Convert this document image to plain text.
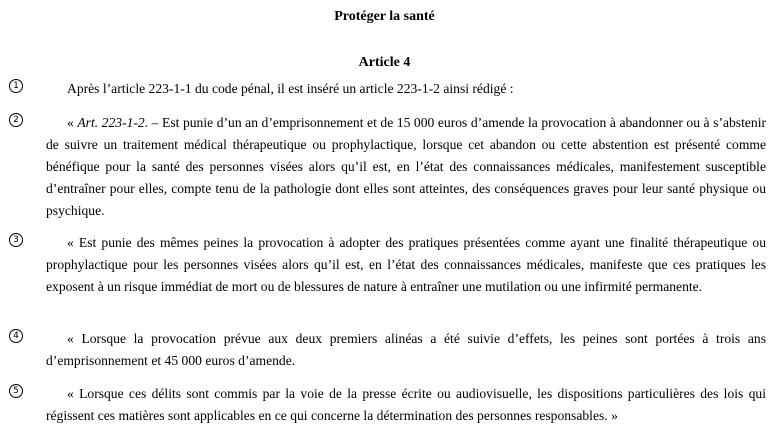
Protéger la santé
Article 4
1	Après l’article 223-1-1 du code pénal, il est inséré un article 223-1-2 ainsi rédigé :

2	« Art. 223-1-2. – Est punie d’un an d’emprisonnement et de 15 000 euros d’amende la provocation à abandonner ou à s’abstenir de suivre un traitement médical thérapeutique ou prophylactique, lorsque cet abandon ou cette abstention est présenté comme bénéfique pour la santé des personnes visées alors qu’il est, en l’état des connaissances médicales, manifestement susceptible d’entraîner pour elles, compte tenu de la pathologie dont elles sont atteintes, des conséquences graves pour leur santé physique ou psychique.

3	« Est punie des mêmes peines la provocation à adopter des pratiques présentées comme ayant une finalité thérapeutique ou prophylactique pour les personnes visées alors qu’il est, en l’état des connaissances médicales, manifeste que ces pratiques les exposent à un risque immédiat de mort ou de blessures de nature à entraîner une mutilation ou une infirmité permanente.

4	« Lorsque la provocation prévue aux deux premiers alinéas a été suivie d’effets, les peines sont portées à trois ans d’emprisonnement et 45 000 euros d’amende.

5	« Lorsque ces délits sont commis par la voie de la presse écrite ou audiovisuelle, les dispositions particulières des lois qui régissent ces matières sont applicables en ce qui concerne la détermination des personnes responsables. »
